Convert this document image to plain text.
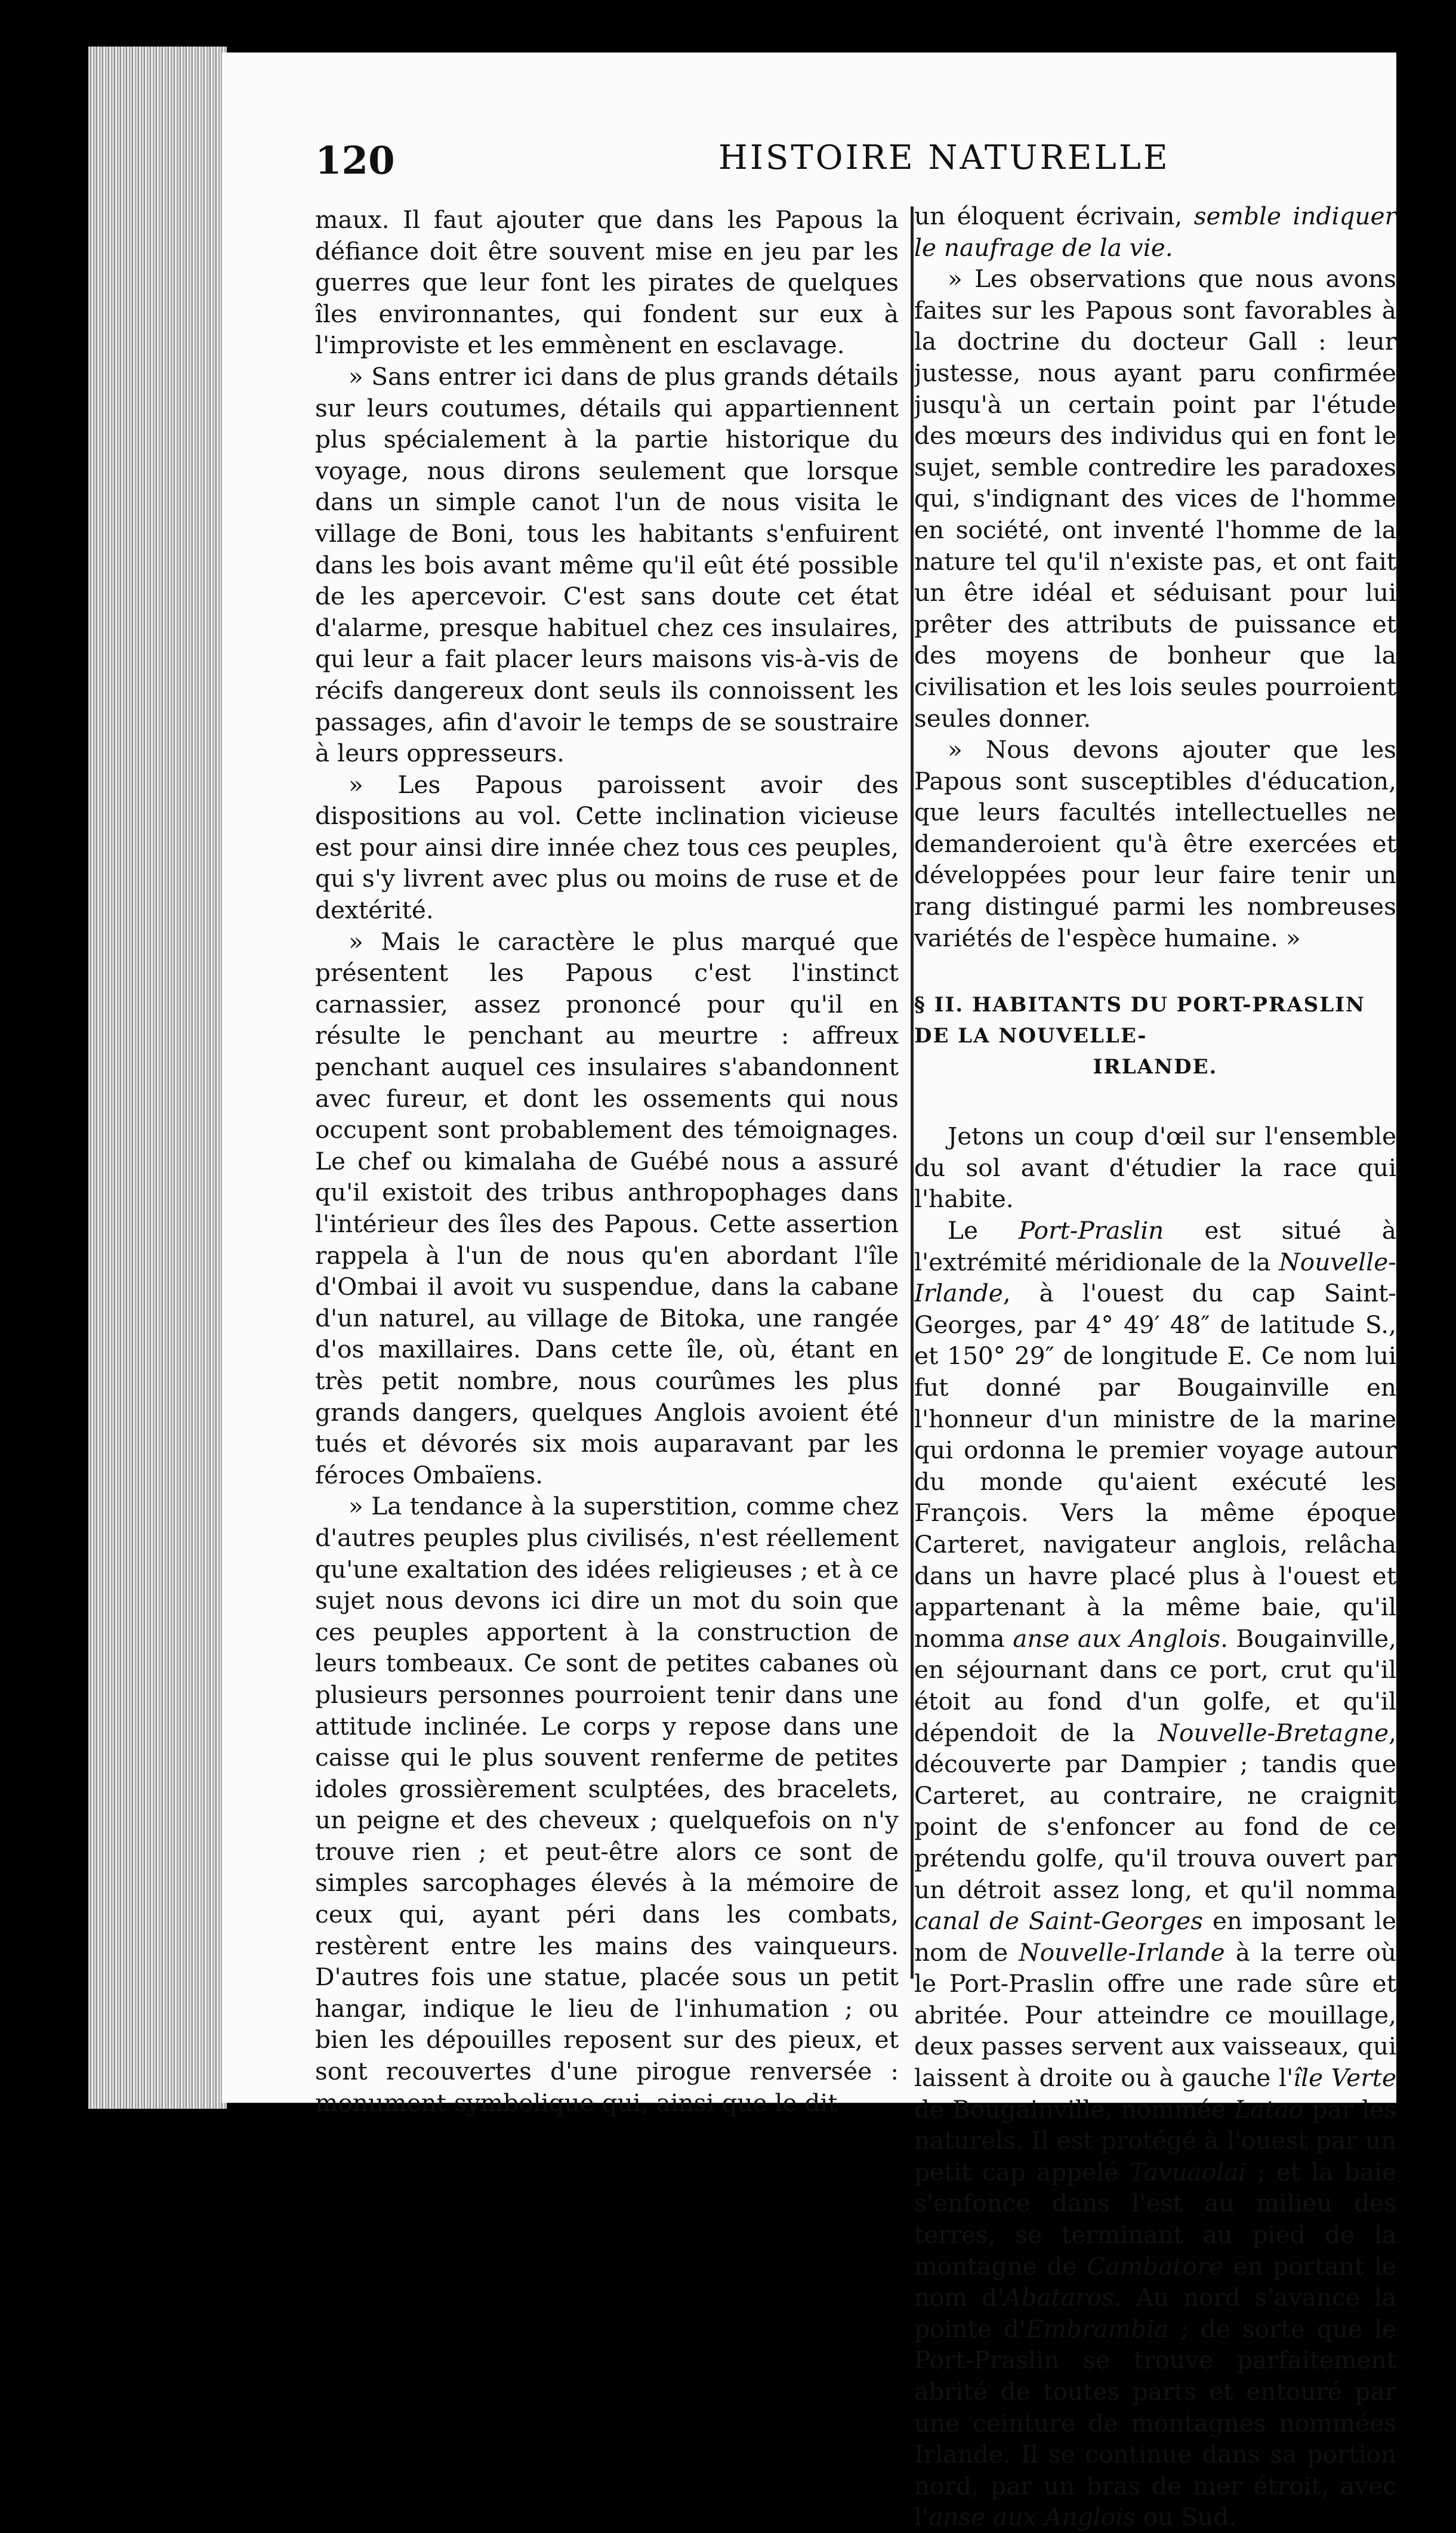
120	HISTOIRE NATURELLE

maux. Il faut ajouter que dans les Papous la défiance doit être souvent mise en jeu par les guerres que leur font les pirates de quelques îles environnantes, qui fondent sur eux à l'improviste et les emmènent en esclavage.

» Sans entrer ici dans de plus grands détails sur leurs coutumes, détails qui appartiennent plus spécialement à la partie historique du voyage, nous dirons seulement que lorsque dans un simple canot l'un de nous visita le village de Boni, tous les habitants s'enfuirent dans les bois avant même qu'il eût été possible de les apercevoir. C'est sans doute cet état d'alarme, presque habituel chez ces insulaires, qui leur a fait placer leurs maisons vis-à-vis de récifs dangereux dont seuls ils connoissent les passages, afin d'avoir le temps de se soustraire à leurs oppresseurs.

» Les Papous paroissent avoir des dispositions au vol. Cette inclination vicieuse est pour ainsi dire innée chez tous ces peuples, qui s'y livrent avec plus ou moins de ruse et de dextérité.

» Mais le caractère le plus marqué que présentent les Papous c'est l'instinct carnassier, assez prononcé pour qu'il en résulte le penchant au meurtre : affreux penchant auquel ces insulaires s'abandonnent avec fureur, et dont les ossements qui nous occupent sont probablement des témoignages. Le chef ou kimalaha de Guébé nous a assuré qu'il existoit des tribus anthropophages dans l'intérieur des îles des Papous. Cette assertion rappela à l'un de nous qu'en abordant l'île d'Ombai il avoit vu suspendue, dans la cabane d'un naturel, au village de Bitoka, une rangée d'os maxillaires. Dans cette île, où, étant en très petit nombre, nous courûmes les plus grands dangers, quelques Anglois avoient été tués et dévorés six mois auparavant par les féroces Ombaïens.

» La tendance à la superstition, comme chez d'autres peuples plus civilisés, n'est réellement qu'une exaltation des idées religieuses ; et à ce sujet nous devons ici dire un mot du soin que ces peuples apportent à la construction de leurs tombeaux. Ce sont de petites cabanes où plusieurs personnes pourroient tenir dans une attitude inclinée. Le corps y repose dans une caisse qui le plus souvent renferme de petites idoles grossièrement sculptées, des bracelets, un peigne et des cheveux ; quelquefois on n'y trouve rien ; et peut-être alors ce sont de simples sarcophages élevés à la mémoire de ceux qui, ayant péri dans les combats, restèrent entre les mains des vainqueurs. D'autres fois une statue, placée sous un petit hangar, indique le lieu de l'inhumation ; ou bien les dépouilles reposent sur des pieux, et sont recouvertes d'une pirogue renversée : monument symbolique qui, ainsi que le dit

un éloquent écrivain, semble indiquer le naufrage de la vie.

» Les observations que nous avons faites sur les Papous sont favorables à la doctrine du docteur Gall : leur justesse, nous ayant paru confirmée jusqu'à un certain point par l'étude des mœurs des individus qui en font le sujet, semble contredire les paradoxes qui, s'indignant des vices de l'homme en société, ont inventé l'homme de la nature tel qu'il n'existe pas, et ont fait un être idéal et séduisant pour lui prêter des attributs de puissance et des moyens de bonheur que la civilisation et les lois seules pourroient seules donner.

» Nous devons ajouter que les Papous sont susceptibles d'éducation, que leurs facultés intellectuelles ne demanderoient qu'à être exercées et développées pour leur faire tenir un rang distingué parmi les nombreuses variétés de l'espèce humaine. »

§ II. HABITANTS DU PORT-PRASLIN DE LA NOUVELLE-
IRLANDE.

Jetons un coup d'œil sur l'ensemble du sol avant d'étudier la race qui l'habite.

Le Port-Praslin est situé à l'extrémité méridionale de la Nouvelle-Irlande, à l'ouest du cap Saint-Georges, par 4° 49′ 48″ de latitude S., et 150° 29″ de longitude E. Ce nom lui fut donné par Bougainville en l'honneur d'un ministre de la marine qui ordonna le premier voyage autour du monde qu'aient exécuté les François. Vers la même époque Carteret, navigateur anglois, relâcha dans un havre placé plus à l'ouest et appartenant à la même baie, qu'il nomma anse aux Anglois. Bougainville, en séjournant dans ce port, crut qu'il étoit au fond d'un golfe, et qu'il dépendoit de la Nouvelle-Bretagne, découverte par Dampier ; tandis que Carteret, au contraire, ne craignit point de s'enfoncer au fond de ce prétendu golfe, qu'il trouva ouvert par un détroit assez long, et qu'il nomma canal de Saint-Georges en imposant le nom de Nouvelle-Irlande à la terre où le Port-Praslin offre une rade sûre et abritée. Pour atteindre ce mouillage, deux passes servent aux vaisseaux, qui laissent à droite ou à gauche l'île Verte de Bougainville, nommée Latao par les naturels. Il est protégé à l'ouest par un petit cap appelé Tavuaolai ; et la baie s'enfonce dans l'est au milieu des terres, se terminant au pied de la montagne de Cambatore en portant le nom d'Abataros. Au nord s'avance la pointe d'Embrambia ; de sorte que le Port-Praslin se trouve parfaitement abrité de toutes parts et entouré par une ceinture de montagnes nommées Irlande. Il se continue dans sa portion nord, par un bras de mer étroit, avec l'anse aux Anglois ou Sud.
